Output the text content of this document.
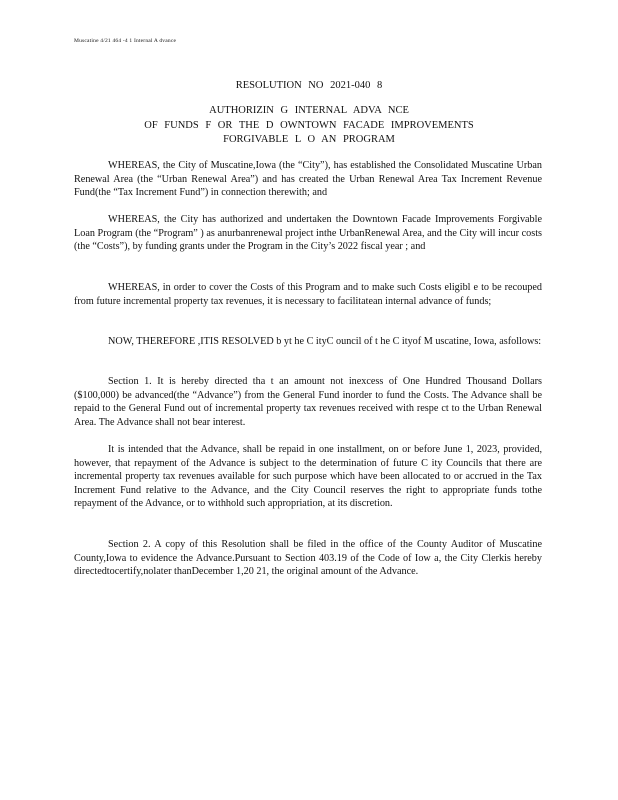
Muscatine 4/21 464 -4 1 Internal A dvance
RESOLUTION NO 2021-040 8
AUTHORIZIN G INTERNAL ADVA NCE
OF FUNDS F OR THE D OWNTOWN FACADE IMPROVEMENTS
FORGIVABLE L O AN PROGRAM

WHEREAS, the City of Muscatine,Iowa (the “City”), has established the Consolidated Muscatine Urban Renewal Area (the “Urban Renewal Area”) and has created the Urban Renewal Area Tax Increment Revenue Fund(the “Tax Increment Fund”) in connection therewith; and

WHEREAS, the City has authorized and undertaken the Downtown Facade Improvements Forgivable Loan Program (the “Program” ) as anurbanrenewal project inthe UrbanRenewal Area, and the City will incur costs (the “Costs”), by funding grants under the Program in the City’s 2022 fiscal year ; and

WHEREAS, in order to cover the Costs of this Program and to make such Costs eligibl e to be recouped from future incremental property tax revenues, it is necessary to facilitatean internal advance of funds;

NOW, THEREFORE ,ITIS RESOLVED b yt he C ityC ouncil of t he C ityof M uscatine, Iowa, asfollows:

Section 1. It is hereby directed tha t an amount not inexcess of One Hundred Thousand Dollars ($100,000) be advanced(the “Advance”) from the General Fund inorder to fund the Costs. The Advance shall be repaid to the General Fund out of incremental property tax revenues received with respe ct to the Urban Renewal Area. The Advance shall not bear interest.

It is intended that the Advance, shall be repaid in one installment, on or before June 1, 2023, provided, however, that repayment of the Advance is subject to the determination of future C ity Councils that there are incremental property tax revenues available for such purpose which have been allocated to or accrued in the Tax Increment Fund relative to the Advance, and the City Council reserves the right to appropriate funds tothe repayment of the Advance, or to withhold such appropriation, at its discretion.

Section 2. A copy of this Resolution shall be filed in the office of the County Auditor of Muscatine County,Iowa to evidence the Advance.Pursuant to Section 403.19 of the Code of Iow a, the City Clerkis hereby directedtocertify,nolater thanDecember 1,20 21, the original amount of the Advance.
